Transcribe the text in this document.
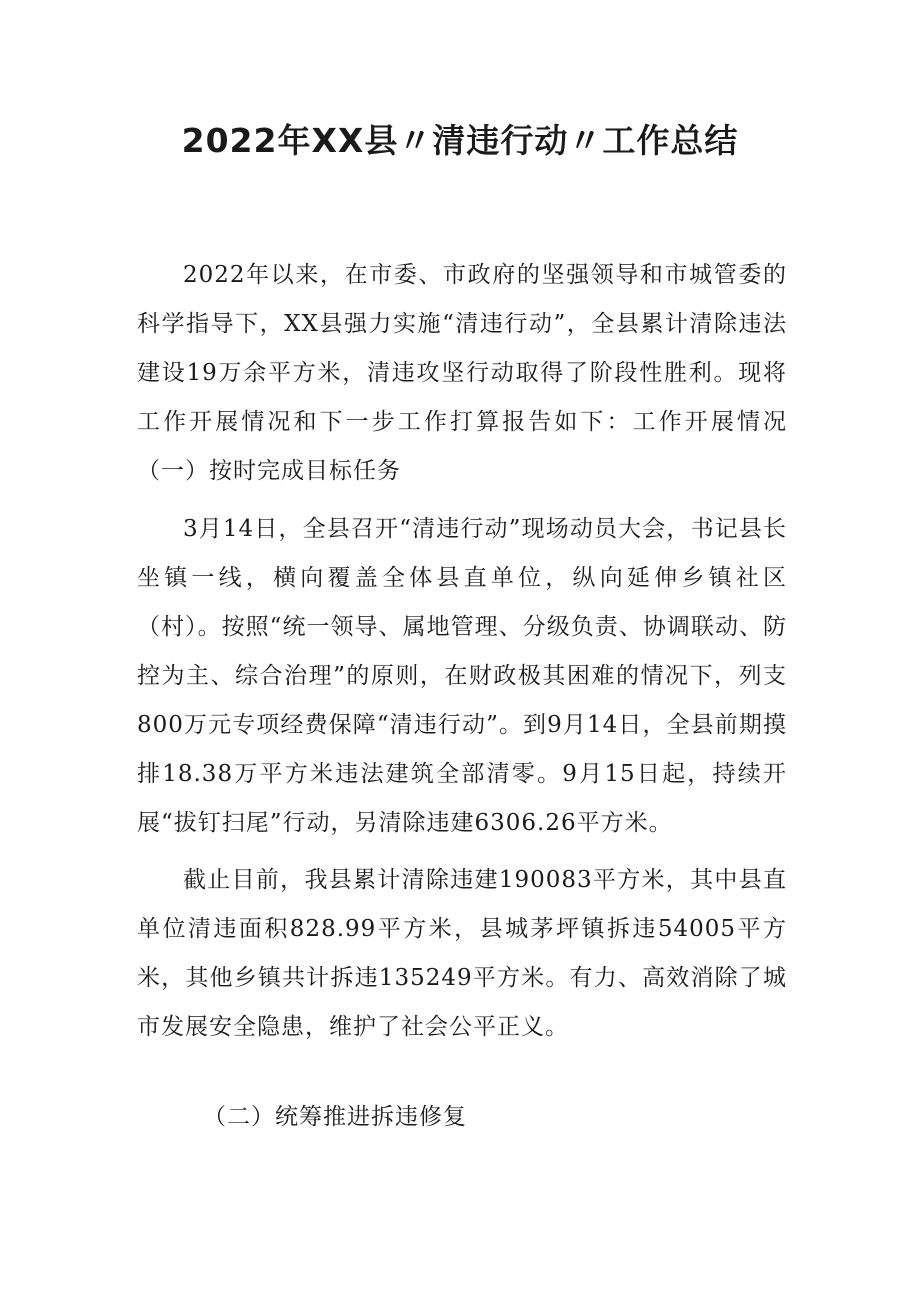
2022年XX县〃清违行动〃工作总结

2022年以来，在市委、市政府的坚强领导和市城管委的科学指导下，XX县强力实施“清违行动”，全县累计清除违法建设19万余平方米，清违攻坚行动取得了阶段性胜利。现将工作开展情况和下一步工作打算报告如下：工作开展情况（一）按时完成目标任务

3月14日，全县召开“清违行动”现场动员大会，书记县长坐镇一线，横向覆盖全体县直单位，纵向延伸乡镇社区（村）。按照“统一领导、属地管理、分级负责、协调联动、防控为主、综合治理”的原则，在财政极其困难的情况下，列支800万元专项经费保障“清违行动”。到9月14日，全县前期摸排18.38万平方米违法建筑全部清零。9月15日起，持续开展“拔钉扫尾”行动，另清除违建6306.26平方米。

截止目前，我县累计清除违建190083平方米，其中县直单位清违面积828.99平方米，县城茅坪镇拆违54005平方米，其他乡镇共计拆违135249平方米。有力、高效消除了城市发展安全隐患，维护了社会公平正义。

（二）统筹推进拆违修复
